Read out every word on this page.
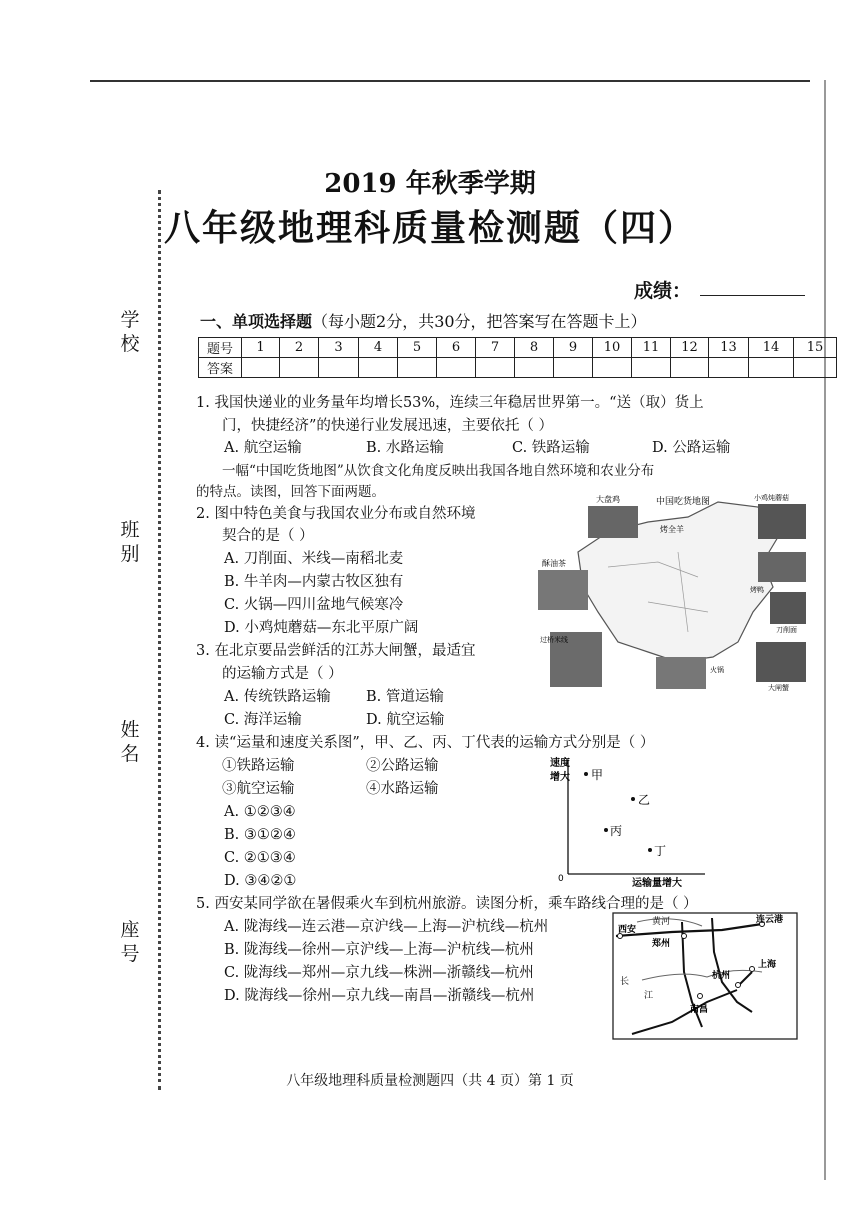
学校
班别
姓名
座号
2019 年秋季学期
八年级地理科质量检测题（四）
成绩：
一、单项选择题（每小题2分，共30分，把答案写在答题卡上）
题号	1	2	3	4	5	6	7	8	9	10	11	12	13	14	15
答案															
1. 我国快递业的业务量年均增长53%，连续三年稳居世界第一。“送（取）货上
门，快捷经济”的快递行业发展迅速，主要依托（ ）
A. 航空运输	B. 水路运输	C. 铁路运输	D. 公路运输
一幅“中国吃货地图”从饮食文化角度反映出我国各地自然环境和农业分布
的特点。读图，回答下面两题。
2. 图中特色美食与我国农业分布或自然环境
契合的是（ ）
A. 刀削面、米线—南稻北麦
B. 牛羊肉—内蒙古牧区独有
C. 火锅—四川盆地气候寒冷
D. 小鸡炖蘑菇—东北平原广阔
3. 在北京要品尝鲜活的江苏大闸蟹，最适宜
的运输方式是（ ）
A. 传统铁路运输 B. 管道运输
C. 海洋运输	D. 航空运输
4. 读“运量和速度关系图”，甲、乙、丙、丁代表的运输方式分别是（ ）
①铁路运输	②公路运输
③航空运输	④水路运输
A. ①②③④
B. ③①②④
C. ②①③④
D. ③④②①
5. 西安某同学欲在暑假乘火车到杭州旅游。读图分析，乘车路线合理的是（ ）
A. 陇海线—连云港—京沪线—上海—沪杭线—杭州
B. 陇海线—徐州—京沪线—上海—沪杭线—杭州
C. 陇海线—郑州—京九线—株洲—浙赣线—杭州
D. 陇海线—徐州—京九线—南昌—浙赣线—杭州
大盘鸡	中国吃货地图
烤全羊
小鸡炖蘑菇
酥油茶
烤鸭
刀削面
过桥米线
火锅
大闸蟹
速度
增大
0	运输量增大
甲
乙
丙
丁
黄河	连云港
西安
郑州
上海
杭州
长
江
南昌
八年级地理科质量检测题四（共 4 页）第 1 页
